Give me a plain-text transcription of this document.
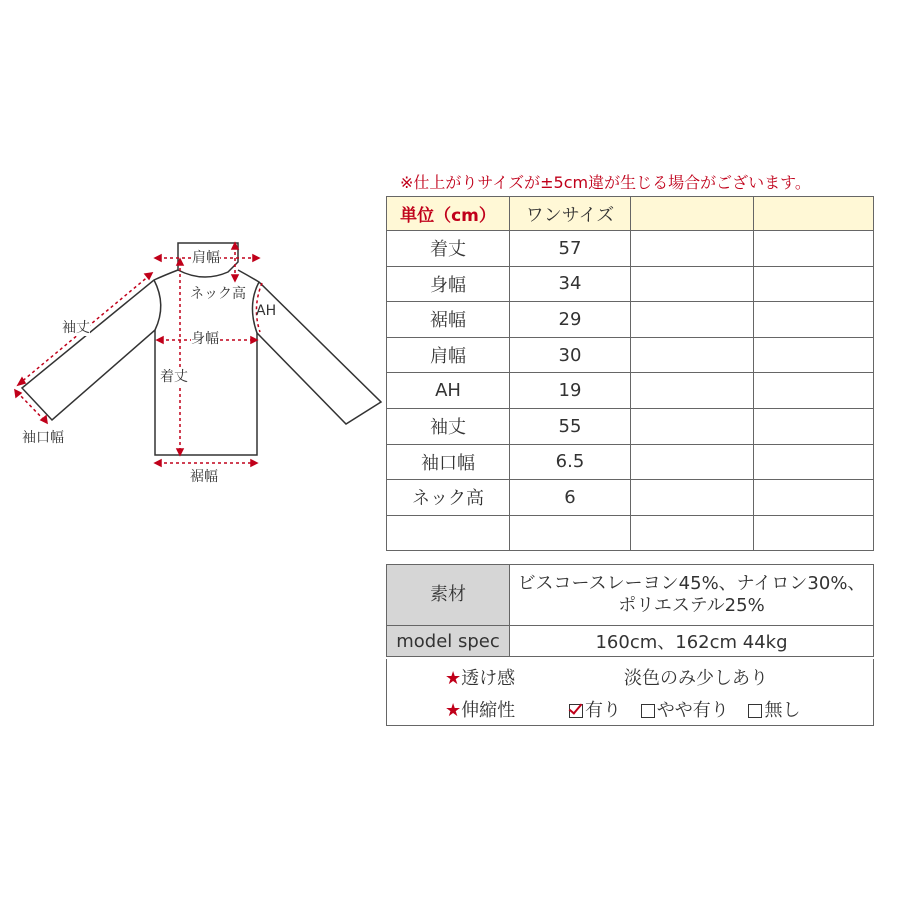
肩幅
ネック高
AH
袖丈
身幅
着丈
袖口幅
裾幅
※仕上がりサイズが±5cm違が生じる場合がございます。
単位（cm）	ワンサイズ		
着丈	57		
身幅	34		
裾幅	29		
肩幅	30		
AH	19		
袖丈	55		
袖口幅	6.5		
ネック高	6		

素材	ビスコースレーヨン45%、ナイロン30%、
ポリエステル25%

model spec	160cm、162cm 44kg
★透け感	淡色のみ少しあり
★伸縮性	有り やや有り 無し
